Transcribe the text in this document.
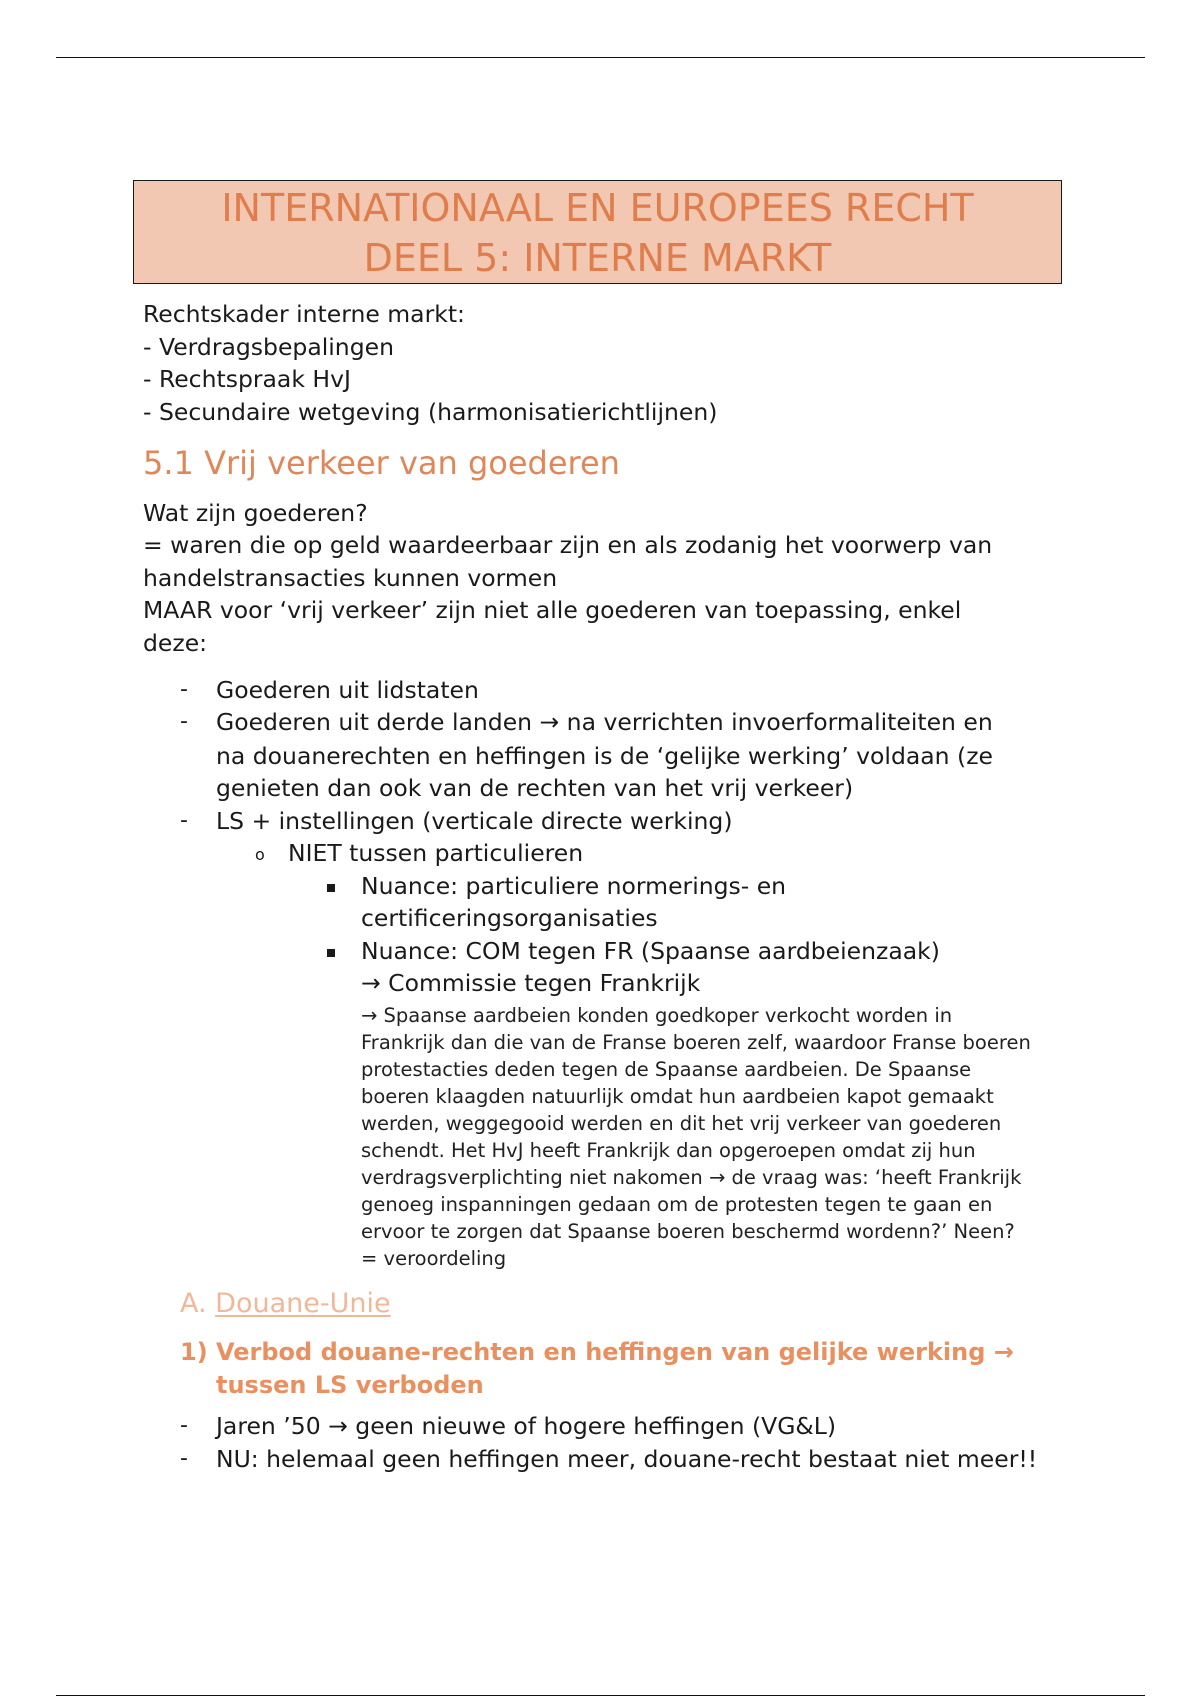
INTERNATIONAAL EN EUROPEES RECHT
DEEL 5: INTERNE MARKT
Rechtskader interne markt:
- Verdragsbepalingen
- Rechtspraak HvJ
- Secundaire wetgeving (harmonisatierichtlijnen)
5.1 Vrij verkeer van goederen
Wat zijn goederen?
= waren die op geld waardeerbaar zijn en als zodanig het voorwerp van
handelstransacties kunnen vormen
MAAR voor ‘vrij verkeer’ zijn niet alle goederen van toepassing, enkel
deze:
- Goederen uit lidstaten
- Goederen uit derde landen → na verrichten invoerformaliteiten en
na douanerechten en heffingen is de ‘gelijke werking’ voldaan (ze
genieten dan ook van de rechten van het vrij verkeer)
- LS + instellingen (verticale directe werking)
o NIET tussen particulieren
Nuance: particuliere normerings- en
certificeringsorganisaties
Nuance: COM tegen FR (Spaanse aardbeienzaak)
→ Commissie tegen Frankrijk
→ Spaanse aardbeien konden goedkoper verkocht worden in
Frankrijk dan die van de Franse boeren zelf, waardoor Franse boeren
protestacties deden tegen de Spaanse aardbeien. De Spaanse
boeren klaagden natuurlijk omdat hun aardbeien kapot gemaakt
werden, weggegooid werden en dit het vrij verkeer van goederen
schendt. Het HvJ heeft Frankrijk dan opgeroepen omdat zij hun
verdragsverplichting niet nakomen → de vraag was: ‘heeft Frankrijk
genoeg inspanningen gedaan om de protesten tegen te gaan en
ervoor te zorgen dat Spaanse boeren beschermd wordenn?’ Neen?
= veroordeling
A. Douane-Unie
1) Verbod douane-rechten en heffingen van gelijke werking →
tussen LS verboden
- Jaren ’50 → geen nieuwe of hogere heffingen (VG&L)
- NU: helemaal geen heffingen meer, douane-recht bestaat niet meer!!
